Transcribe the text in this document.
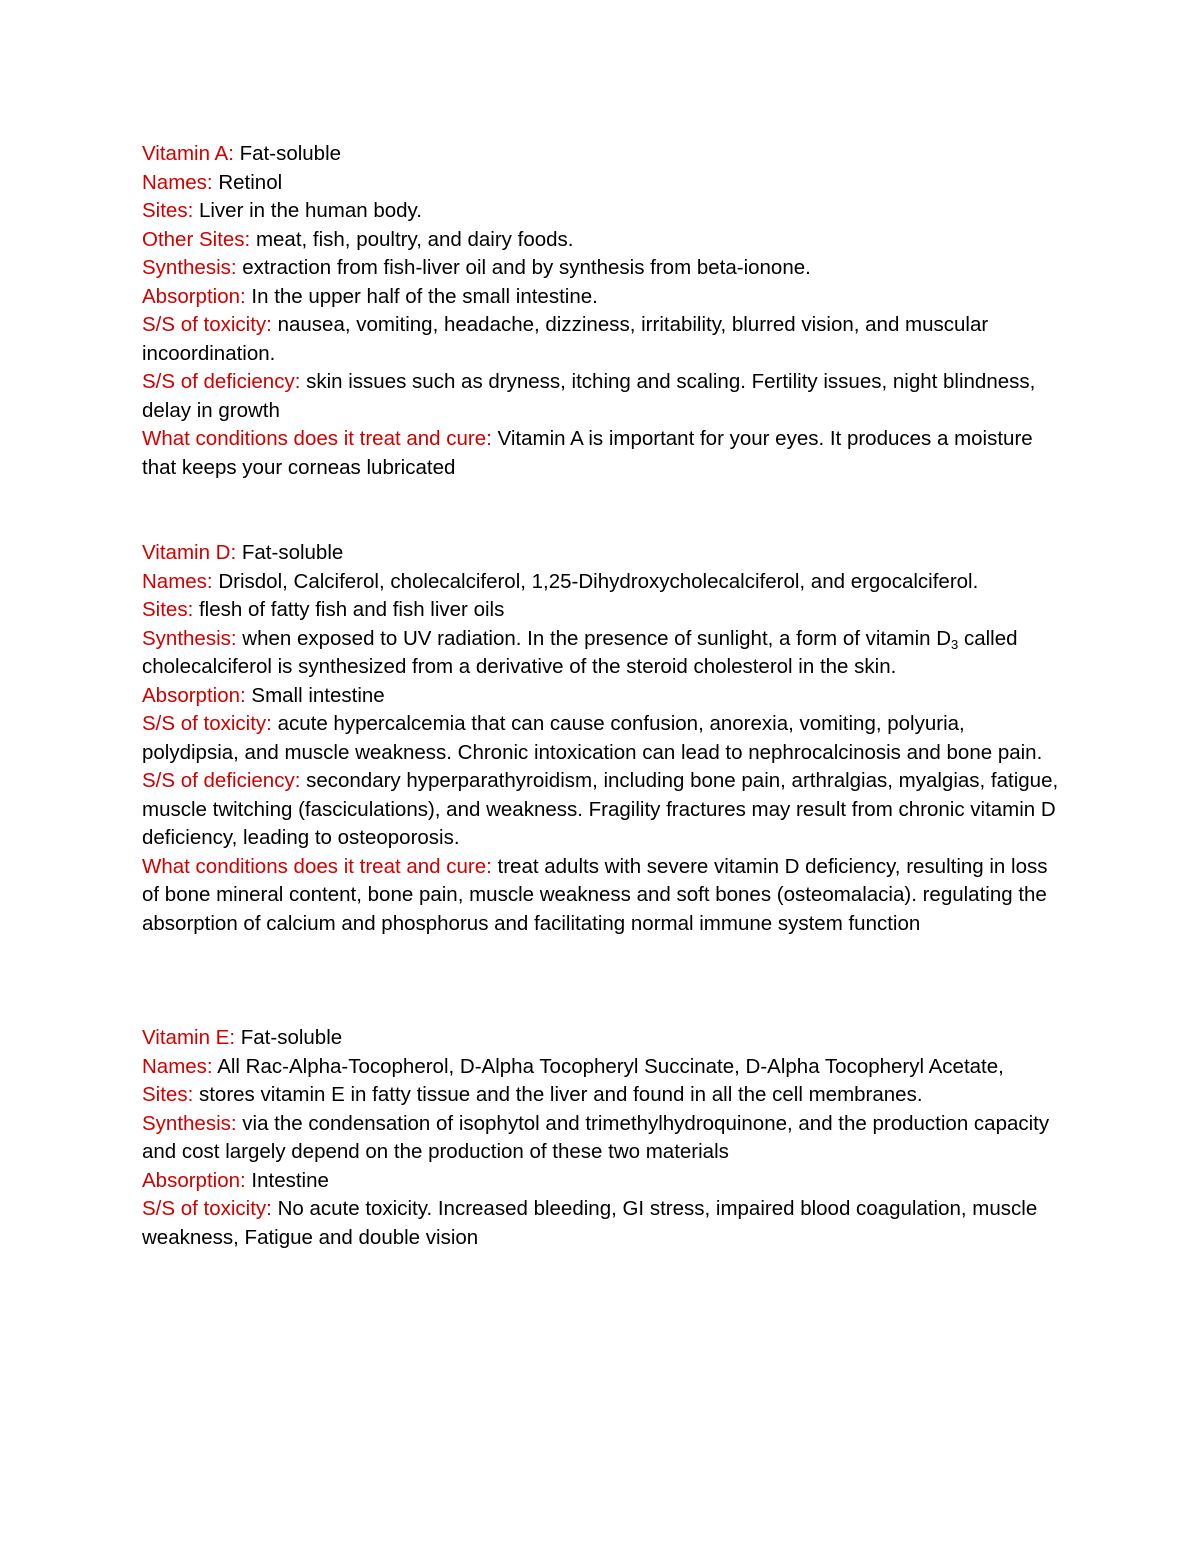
Vitamin A: Fat-soluble

Names: Retinol

Sites: Liver in the human body.

Other Sites: meat, fish, poultry, and dairy foods.

Synthesis: extraction from fish-liver oil and by synthesis from beta-ionone.

Absorption: In the upper half of the small intestine.

S/S of toxicity: nausea, vomiting, headache, dizziness, irritability, blurred vision, and muscular incoordination.

S/S of deficiency: skin issues such as dryness, itching and scaling. Fertility issues, night blindness, delay in growth

What conditions does it treat and cure: Vitamin A is important for your eyes. It produces a moisture that keeps your corneas lubricated

Vitamin D: Fat-soluble

Names: Drisdol, Calciferol, cholecalciferol, 1,25-Dihydroxycholecalciferol, and ergocalciferol.

Sites: flesh of fatty fish and fish liver oils

Synthesis: when exposed to UV radiation. In the presence of sunlight, a form of vitamin $D_3$ called cholecalciferol is synthesized from a derivative of the steroid cholesterol in the skin.

Absorption: Small intestine

S/S of toxicity: acute hypercalcemia that can cause confusion, anorexia, vomiting, polyuria, polydipsia, and muscle weakness. Chronic intoxication can lead to nephrocalcinosis and bone pain.

S/S of deficiency: secondary hyperparathyroidism, including bone pain, arthralgias, myalgias, fatigue, muscle twitching (fasciculations), and weakness. Fragility fractures may result from chronic vitamin D deficiency, leading to osteoporosis.

What conditions does it treat and cure: treat adults with severe vitamin D deficiency, resulting in loss of bone mineral content, bone pain, muscle weakness and soft bones (osteomalacia). regulating the absorption of calcium and phosphorus and facilitating normal immune system function

Vitamin E: Fat-soluble

Names: All Rac-Alpha-Tocopherol, D-Alpha Tocopheryl Succinate, D-Alpha Tocopheryl Acetate,

Sites: stores vitamin E in fatty tissue and the liver and found in all the cell membranes.

Synthesis: via the condensation of isophytol and trimethylhydroquinone, and the production capacity and cost largely depend on the production of these two materials

Absorption: Intestine

S/S of toxicity: No acute toxicity. Increased bleeding, GI stress, impaired blood coagulation, muscle weakness, Fatigue and double vision
